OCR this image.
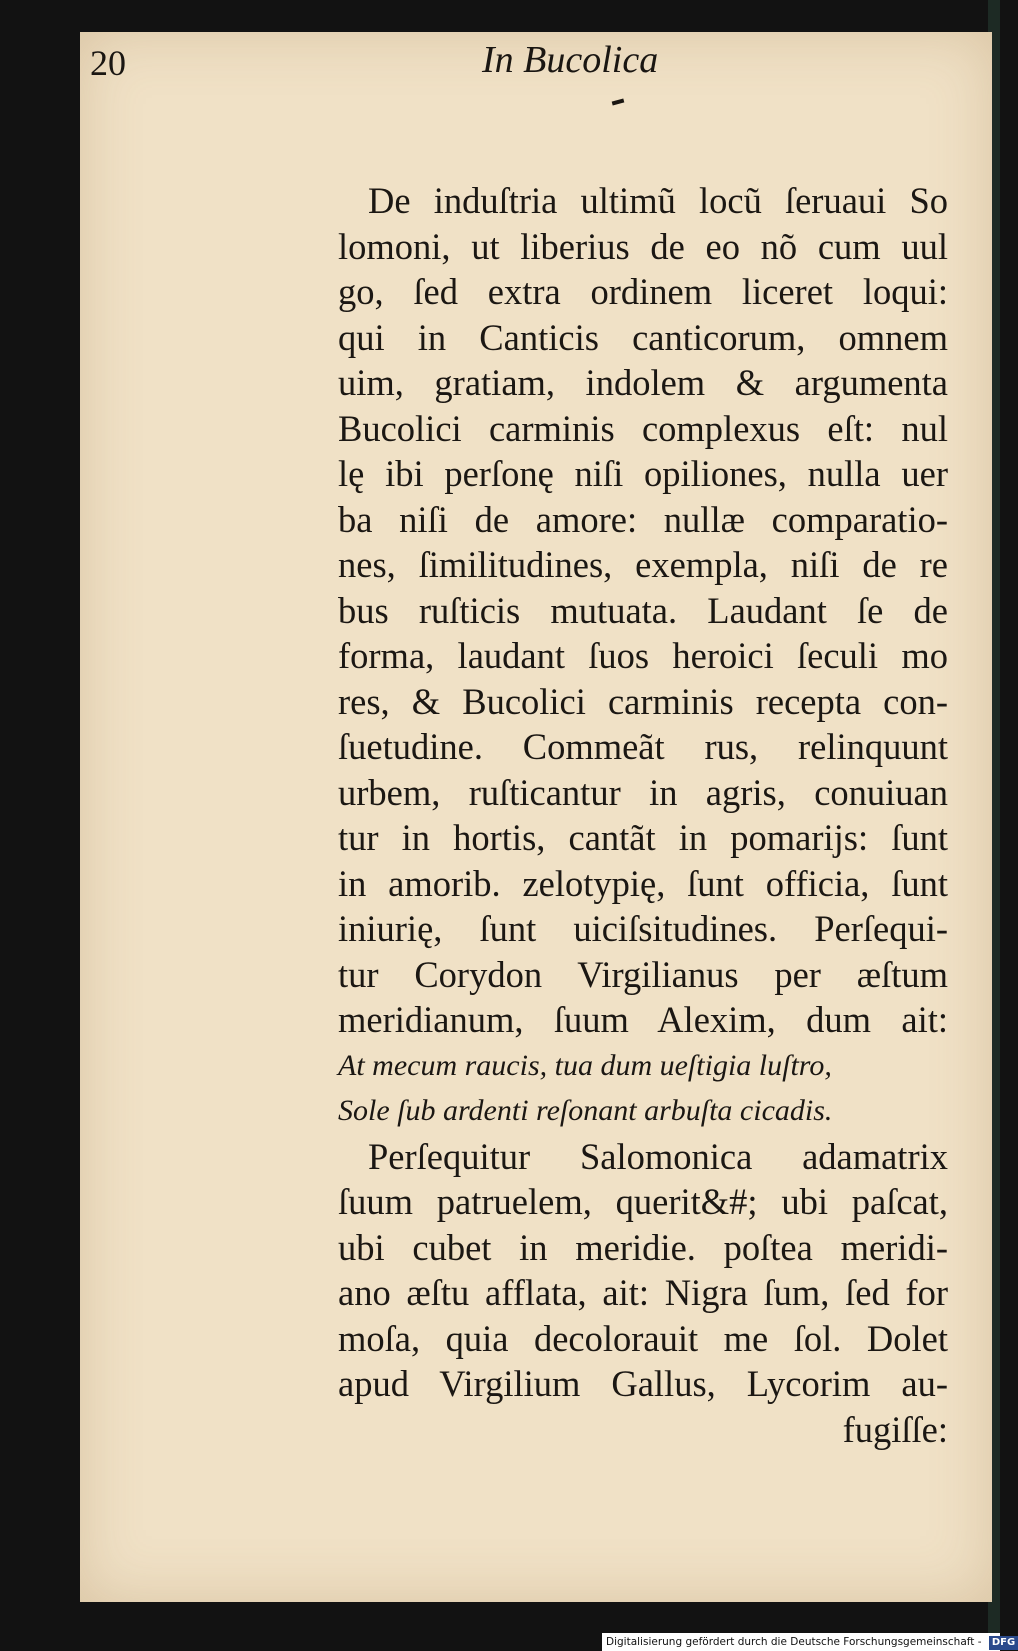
20	In Bucolica
De induſtria ultimũ locũ ſeruaui So
lomoni, ut liberius de eo nõ cum uul
go, ſed extra ordinem liceret loqui:
qui in Canticis canticorum, omnem
uim, gratiam, indolem & argumenta
Bucolici carminis complexus eſt: nul
lę ibi perſonę niſi opiliones, nulla uer
ba niſi de amore: nullæ comparatio-
nes, ſimilitudines, exempla, niſi de re
bus ruſticis mutuata. Laudant ſe de
forma, laudant ſuos heroici ſeculi mo
res, & Bucolici carminis recepta con-
ſuetudine. Commeãt rus, relinquunt
urbem, ruſticantur in agris, conuiuan
tur in hortis, cantãt in pomarijs: ſunt
in amorib. zelotypię, ſunt officia, ſunt
iniurię, ſunt uiciſsitudines. Perſequi-
tur Corydon Virgilianus per æſtum
meridianum, ſuum Alexim, dum ait:
At mecum raucis, tua dum ueſtigia luſtro,
Sole ſub ardenti reſonant arbuſta cicadis.
Perſequitur Salomonica adamatrix
ſuum patruelem, querit&#; ubi paſcat,
ubi cubet in meridie. poſtea meridi-
ano æſtu afflata, ait: Nigra ſum, ſed for
moſa, quia decolorauit me ſol. Dolet
apud Virgilium Gallus, Lycorim au-
fugiſſe:
Digitalisierung gefördert durch die Deutsche Forschungsgemeinschaft - DFG
